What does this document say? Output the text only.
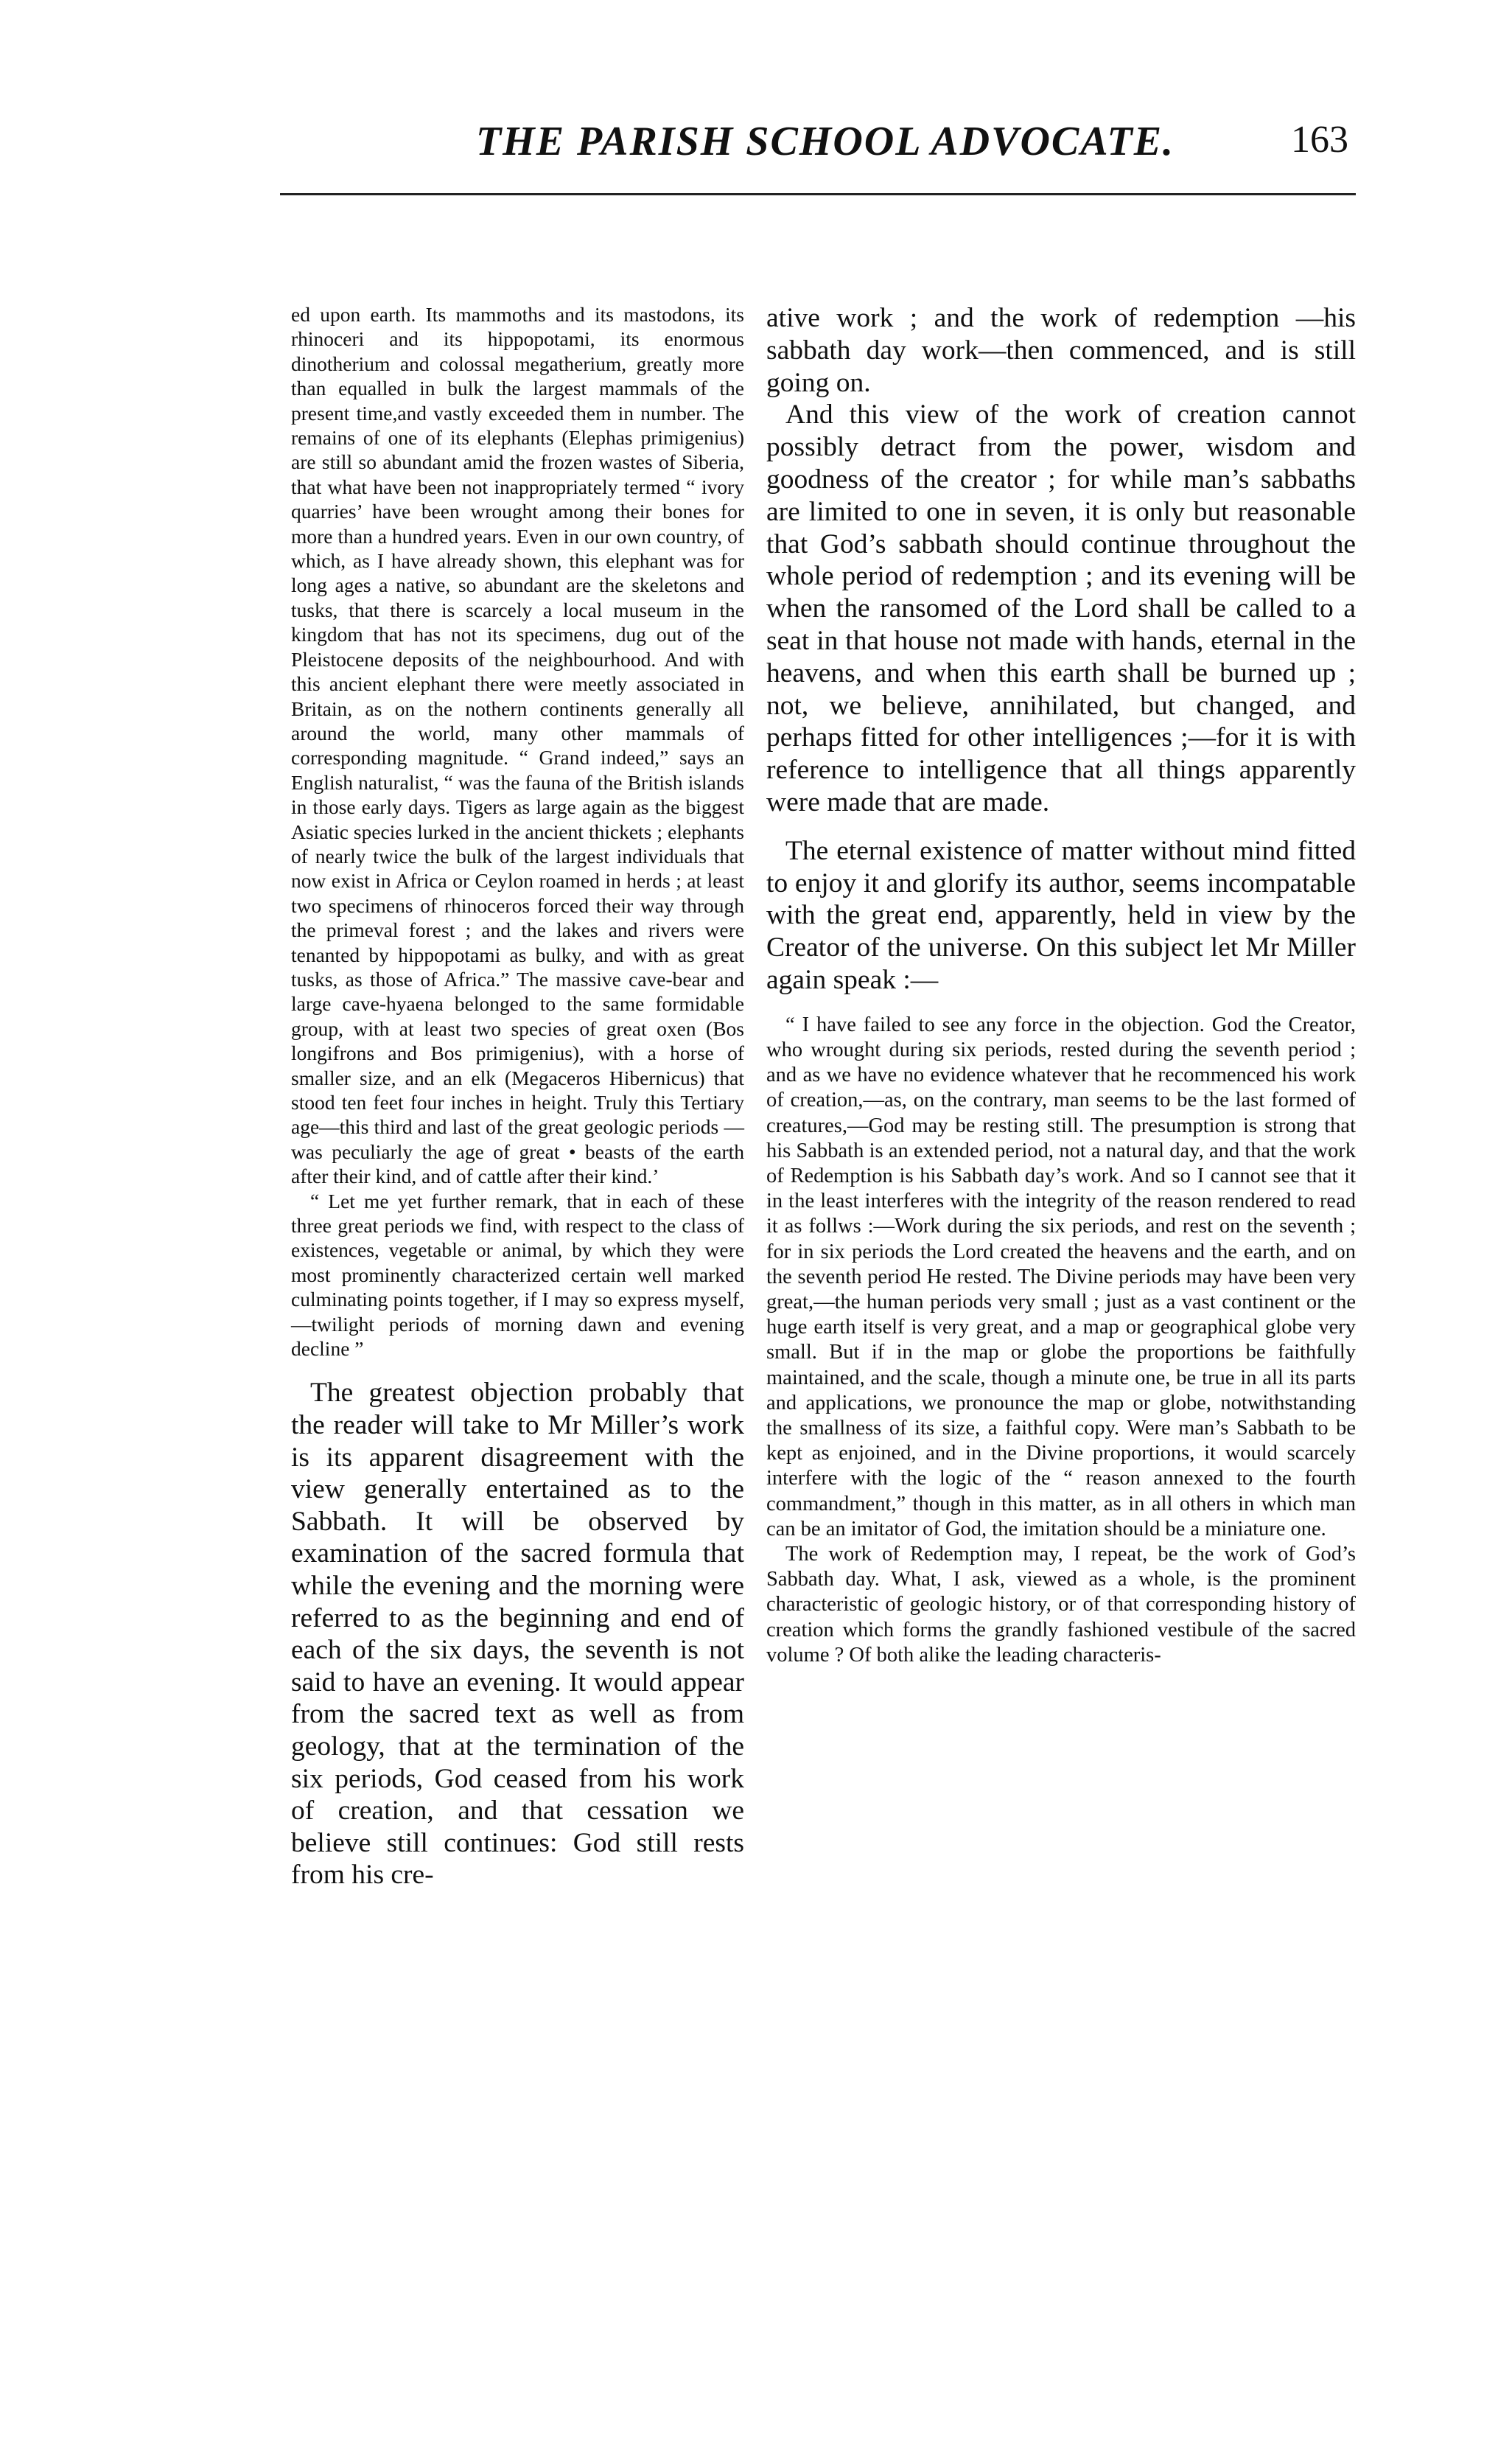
THE PARISH SCHOOL ADVOCATE.	163

ed upon earth. Its mammoths and its mastodons, its rhinoceri and its hippopotami, its enormous dinotherium and colossal megatherium, greatly more than equalled in bulk the largest mammals of the present time,and vastly exceeded them in number. The remains of one of its elephants (Elephas primigenius) are still so abundant amid the frozen wastes of Siberia, that what have been not inappropriately termed “ ivory quarries’ have been wrought among their bones for more than a hundred years. Even in our own country, of which, as I have already shown, this elephant was for long ages a native, so abundant are the skeletons and tusks, that there is scarcely a local museum in the kingdom that has not its specimens, dug out of the Pleistocene deposits of the neighbourhood. And with this ancient elephant there were meetly associated in Britain, as on the nothern continents generally all around the world, many other mammals of corresponding magnitude. “ Grand indeed,” says an English naturalist, “ was the fauna of the British islands in those early days. Tigers as large again as the biggest Asiatic species lurked in the ancient thickets ; elephants of nearly twice the bulk of the largest individuals that now exist in Africa or Ceylon roamed in herds ; at least two specimens of rhinoceros forced their way through the primeval forest ; and the lakes and rivers were tenanted by hippopotami as bulky, and with as great tusks, as those of Africa.” The massive cave-bear and large cave-hyaena belonged to the same formidable group, with at least two species of great oxen (Bos longifrons and Bos primigenius), with a horse of smaller size, and an elk (Megaceros Hibernicus) that stood ten feet four inches in height. Truly this Tertiary age—this third and last of the great geologic periods — was peculiarly the age of great • beasts of the earth after their kind, and of cattle after their kind.’

“ Let me yet further remark, that in each of these three great periods we find, with respect to the class of existences, vegetable or animal, by which they were most prominently characterized certain well marked culminating points together, if I may so express myself,—twilight periods of morning dawn and evening decline ”

The greatest objection probably that the reader will take to Mr Miller’s work is its apparent disagreement with the view generally entertained as to the Sabbath. It will be observed by examination of the sacred formula that while the evening and the morning were referred to as the beginning and end of each of the six days, the seventh is not said to have an evening. It would appear from the sacred text as well as from geology, that at the termination of the six periods, God ceased from his work of creation, and that cessation we believe still continues: God still rests from his cre-

ative work ; and the work of redemption —his sabbath day work—then commenced, and is still going on.

And this view of the work of creation cannot possibly detract from the power, wisdom and goodness of the creator ; for while man’s sabbaths are limited to one in seven, it is only but reasonable that God’s sabbath should continue throughout the whole period of redemption ; and its evening will be when the ransomed of the Lord shall be called to a seat in that house not made with hands, eternal in the heavens, and when this earth shall be burned up ; not, we believe, annihilated, but changed, and perhaps fitted for other intelligences ;—for it is with reference to intelligence that all things apparently were made that are made.

The eternal existence of matter without mind fitted to enjoy it and glorify its author, seems incompatable with the great end, apparently, held in view by the Creator of the universe. On this subject let Mr Miller again speak :—

“ I have failed to see any force in the objection. God the Creator, who wrought during six periods, rested during the seventh period ; and as we have no evidence whatever that he recommenced his work of creation,—as, on the contrary, man seems to be the last formed of creatures,—God may be resting still. The presumption is strong that his Sabbath is an extended period, not a natural day, and that the work of Redemption is his Sabbath day’s work. And so I cannot see that it in the least interferes with the integrity of the reason rendered to read it as follws :—Work during the six periods, and rest on the seventh ; for in six periods the Lord created the heavens and the earth, and on the seventh period He rested. The Divine periods may have been very great,—the human periods very small ; just as a vast continent or the huge earth itself is very great, and a map or geographical globe very small. But if in the map or globe the proportions be faithfully maintained, and the scale, though a minute one, be true in all its parts and applications, we pronounce the map or globe, notwithstanding the smallness of its size, a faithful copy. Were man’s Sabbath to be kept as enjoined, and in the Divine proportions, it would scarcely interfere with the logic of the “ reason annexed to the fourth commandment,” though in this matter, as in all others in which man can be an imitator of God, the imitation should be a miniature one.

The work of Redemption may, I repeat, be the work of God’s Sabbath day. What, I ask, viewed as a whole, is the prominent characteristic of geologic history, or of that corresponding history of creation which forms the grandly fashioned vestibule of the sacred volume ? Of both alike the leading characteris-
